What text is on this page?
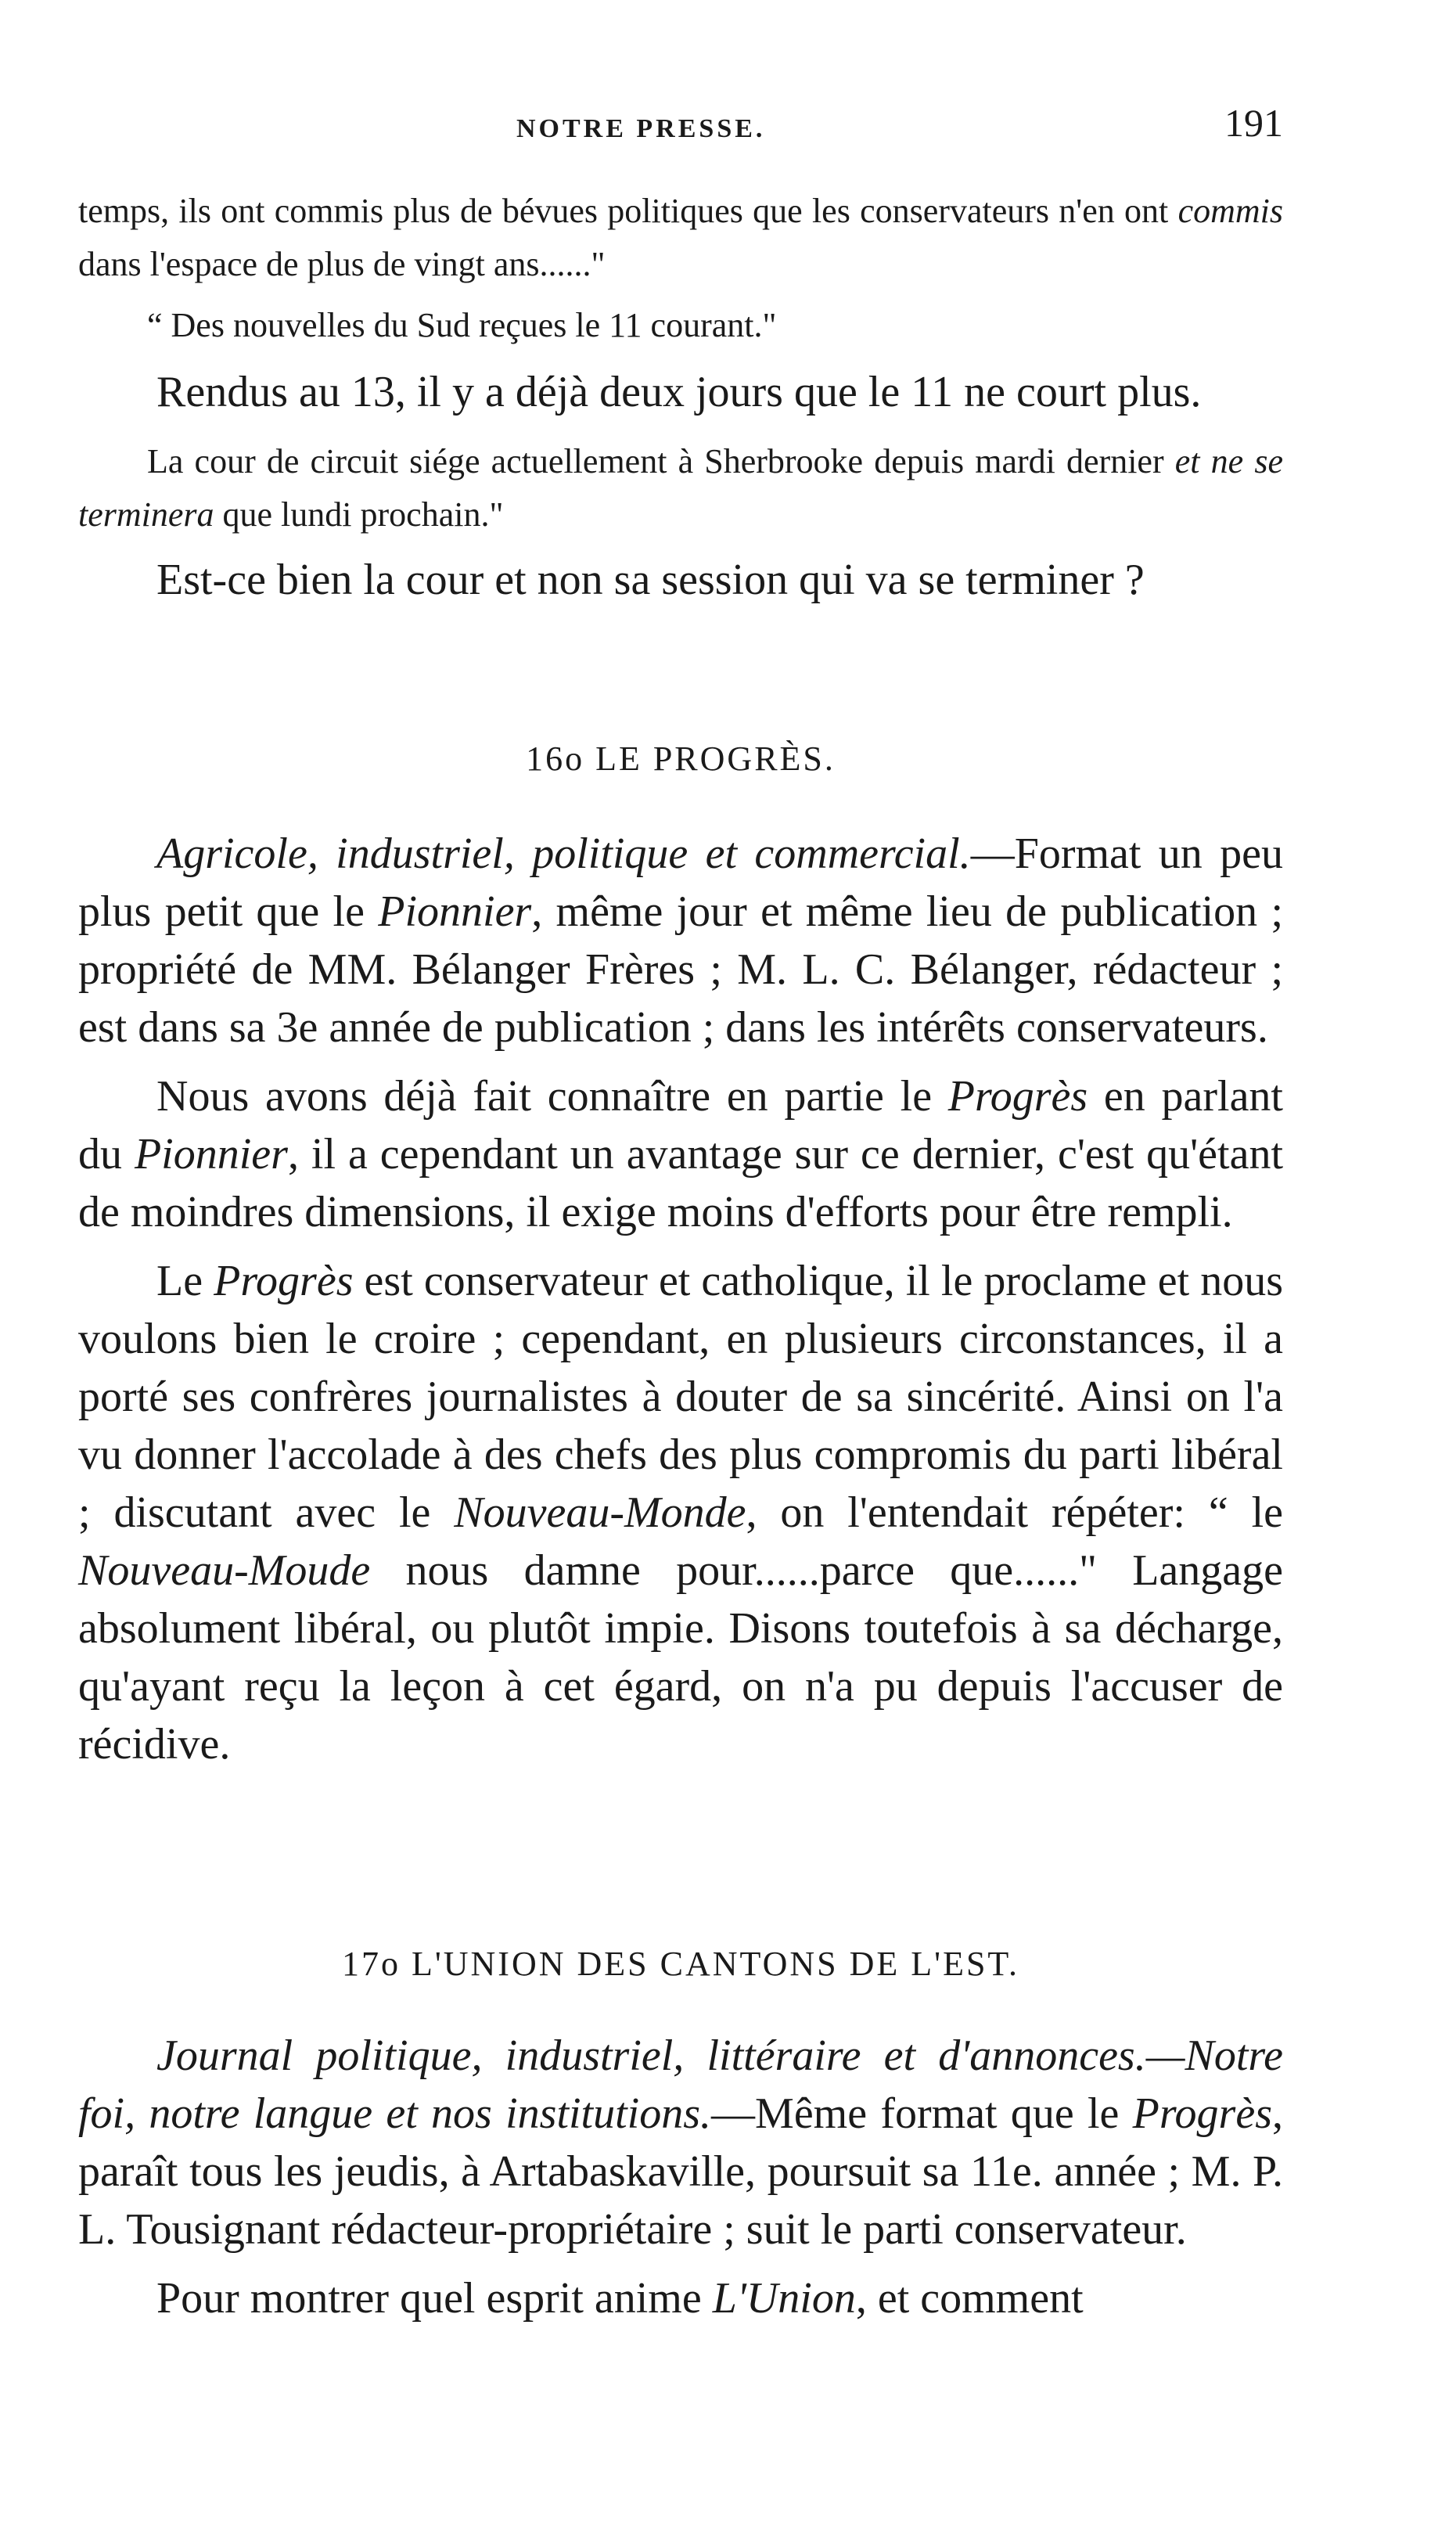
NOTRE PRESSE.	191

temps, ils ont commis plus de bévues politiques que les conservateurs n'en ont commis dans l'espace de plus de vingt ans......"

“ Des nouvelles du Sud reçues le 11 courant."

Rendus au 13, il y a déjà deux jours que le 11 ne court plus.

La cour de circuit siége actuellement à Sherbrooke depuis mardi dernier et ne se terminera que lundi prochain."

Est-ce bien la cour et non sa session qui va se terminer ?

16o LE PROGRÈS.

Agricole, industriel, politique et commercial.—Format un peu plus petit que le Pionnier, même jour et même lieu de publication ; propriété de MM. Bélanger Frères ; M. L. C. Bélanger, rédacteur ; est dans sa 3e année de publication ; dans les intérêts conservateurs.

Nous avons déjà fait connaître en partie le Progrès en parlant du Pionnier, il a cependant un avantage sur ce dernier, c'est qu'étant de moindres dimensions, il exige moins d'efforts pour être rempli.

Le Progrès est conservateur et catholique, il le proclame et nous voulons bien le croire ; cependant, en plusieurs circonstances, il a porté ses confrères journalistes à douter de sa sincérité. Ainsi on l'a vu donner l'accolade à des chefs des plus compromis du parti libéral ; discutant avec le Nouveau-Monde, on l'entendait répéter: “ le Nouveau-Moude nous damne pour......parce que......" Langage absolument libéral, ou plutôt impie. Disons toutefois à sa décharge, qu'ayant reçu la leçon à cet égard, on n'a pu depuis l'accuser de récidive.

17o L'UNION DES CANTONS DE L'EST.

Journal politique, industriel, littéraire et d'annonces.—Notre foi, notre langue et nos institutions.—Même format que le Progrès, paraît tous les jeudis, à Artabaskaville, poursuit sa 11e. année ; M. P. L. Tousignant rédacteur-propriétaire ; suit le parti conservateur.

Pour montrer quel esprit anime L'Union, et comment
